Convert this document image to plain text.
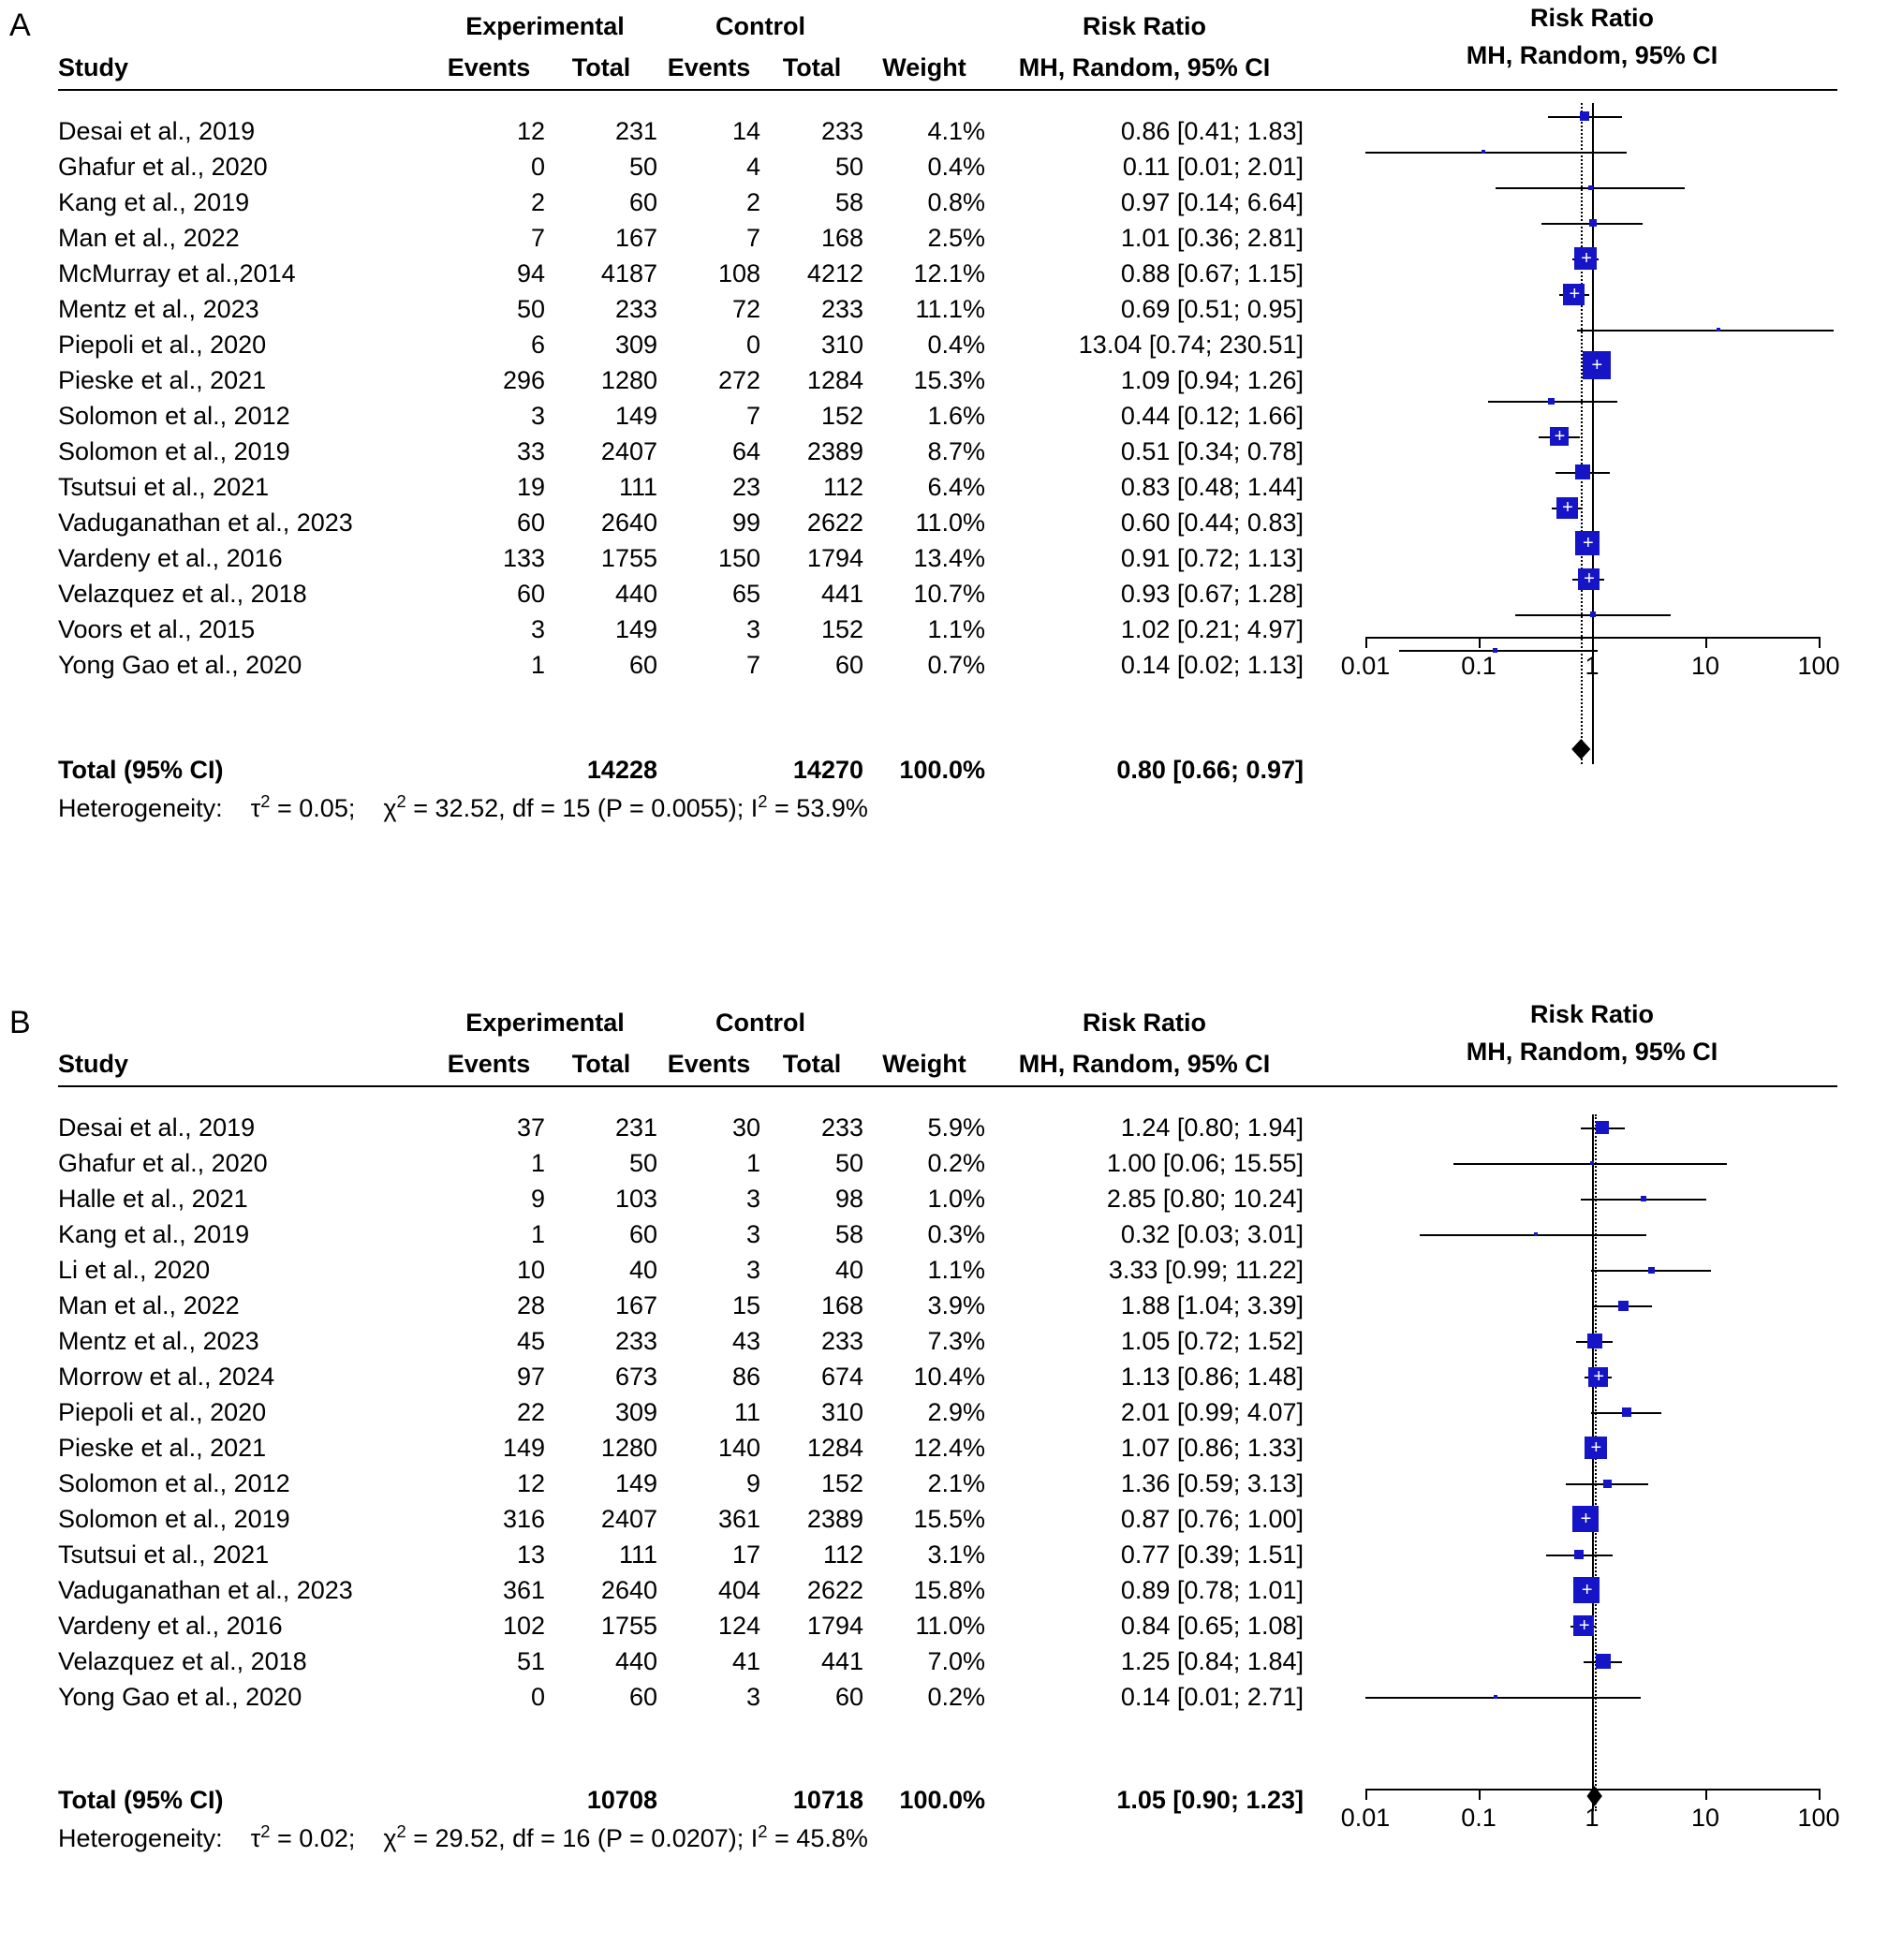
A
		Experimental		Control			Risk Ratio
Study	Events	Total	Events	Total	Weight	MH, Random, 95% CI
Risk Ratio
MH, Random, 95% CI
Desai et al., 2019	12	231	14	233	4.1%	0.86 [0.41; 1.83]
Ghafur et al., 2020	0	50	4	50	0.4%	0.11 [0.01; 2.01]
Kang et al., 2019	2	60	2	58	0.8%	0.97 [0.14; 6.64]
Man et al., 2022	7	167	7	168	2.5%	1.01 [0.36; 2.81]
McMurray et al.,2014	94	4187	108	4212	12.1%	0.88 [0.67; 1.15]
Mentz et al., 2023	50	233	72	233	11.1%	0.69 [0.51; 0.95]
Piepoli et al., 2020	6	309	0	310	0.4%	13.04 [0.74; 230.51]
Pieske et al., 2021	296	1280	272	1284	15.3%	1.09 [0.94; 1.26]
Solomon et al., 2012	3	149	7	152	1.6%	0.44 [0.12; 1.66]
Solomon et al., 2019	33	2407	64	2389	8.7%	0.51 [0.34; 0.78]
Tsutsui et al., 2021	19	111	23	112	6.4%	0.83 [0.48; 1.44]
Vaduganathan et al., 2023	60	2640	99	2622	11.0%	0.60 [0.44; 0.83]
Vardeny et al., 2016	133	1755	150	1794	13.4%	0.91 [0.72; 1.13]
Velazquez et al., 2018	60	440	65	441	10.7%	0.93 [0.67; 1.28]
Voors et al., 2015	3	149	3	152	1.1%	1.02 [0.21; 4.97]
Yong Gao et al., 2020	1	60	7	60	0.7%	0.14 [0.02; 1.13]
Total (95% CI)		14228		14270	100.0%	0.80 [0.66; 0.97]
Heterogeneity:    $\tau^2 = 0.05$;    $\chi^2 = 32.52$, df = 15 (P = 0.0055); $I^2 = 53.9\%$
+
+
+
+
+
+
+
0.01	0.1	1	10	100
B
		Experimental		Control			Risk Ratio
Study	Events	Total	Events	Total	Weight	MH, Random, 95% CI
Risk Ratio
MH, Random, 95% CI
Desai et al., 2019	37	231	30	233	5.9%	1.24 [0.80; 1.94]
Ghafur et al., 2020	1	50	1	50	0.2%	1.00 [0.06; 15.55]
Halle et al., 2021	9	103	3	98	1.0%	2.85 [0.80; 10.24]
Kang et al., 2019	1	60	3	58	0.3%	0.32 [0.03; 3.01]
Li et al., 2020	10	40	3	40	1.1%	3.33 [0.99; 11.22]
Man et al., 2022	28	167	15	168	3.9%	1.88 [1.04; 3.39]
Mentz et al., 2023	45	233	43	233	7.3%	1.05 [0.72; 1.52]
Morrow et al., 2024	97	673	86	674	10.4%	1.13 [0.86; 1.48]
Piepoli et al., 2020	22	309	11	310	2.9%	2.01 [0.99; 4.07]
Pieske et al., 2021	149	1280	140	1284	12.4%	1.07 [0.86; 1.33]
Solomon et al., 2012	12	149	9	152	2.1%	1.36 [0.59; 3.13]
Solomon et al., 2019	316	2407	361	2389	15.5%	0.87 [0.76; 1.00]
Tsutsui et al., 2021	13	111	17	112	3.1%	0.77 [0.39; 1.51]
Vaduganathan et al., 2023	361	2640	404	2622	15.8%	0.89 [0.78; 1.01]
Vardeny et al., 2016	102	1755	124	1794	11.0%	0.84 [0.65; 1.08]
Velazquez et al., 2018	51	440	41	441	7.0%	1.25 [0.84; 1.84]
Yong Gao et al., 2020	0	60	3	60	0.2%	0.14 [0.01; 2.71]
Total (95% CI)		10708		10718	100.0%	1.05 [0.90; 1.23]
Heterogeneity:    $\tau^2 = 0.02$;    $\chi^2 = 29.52$, df = 16 (P = 0.0207); $I^2 = 45.8\%$
+
+
+
+
+
0.01	0.1	1	10	100
